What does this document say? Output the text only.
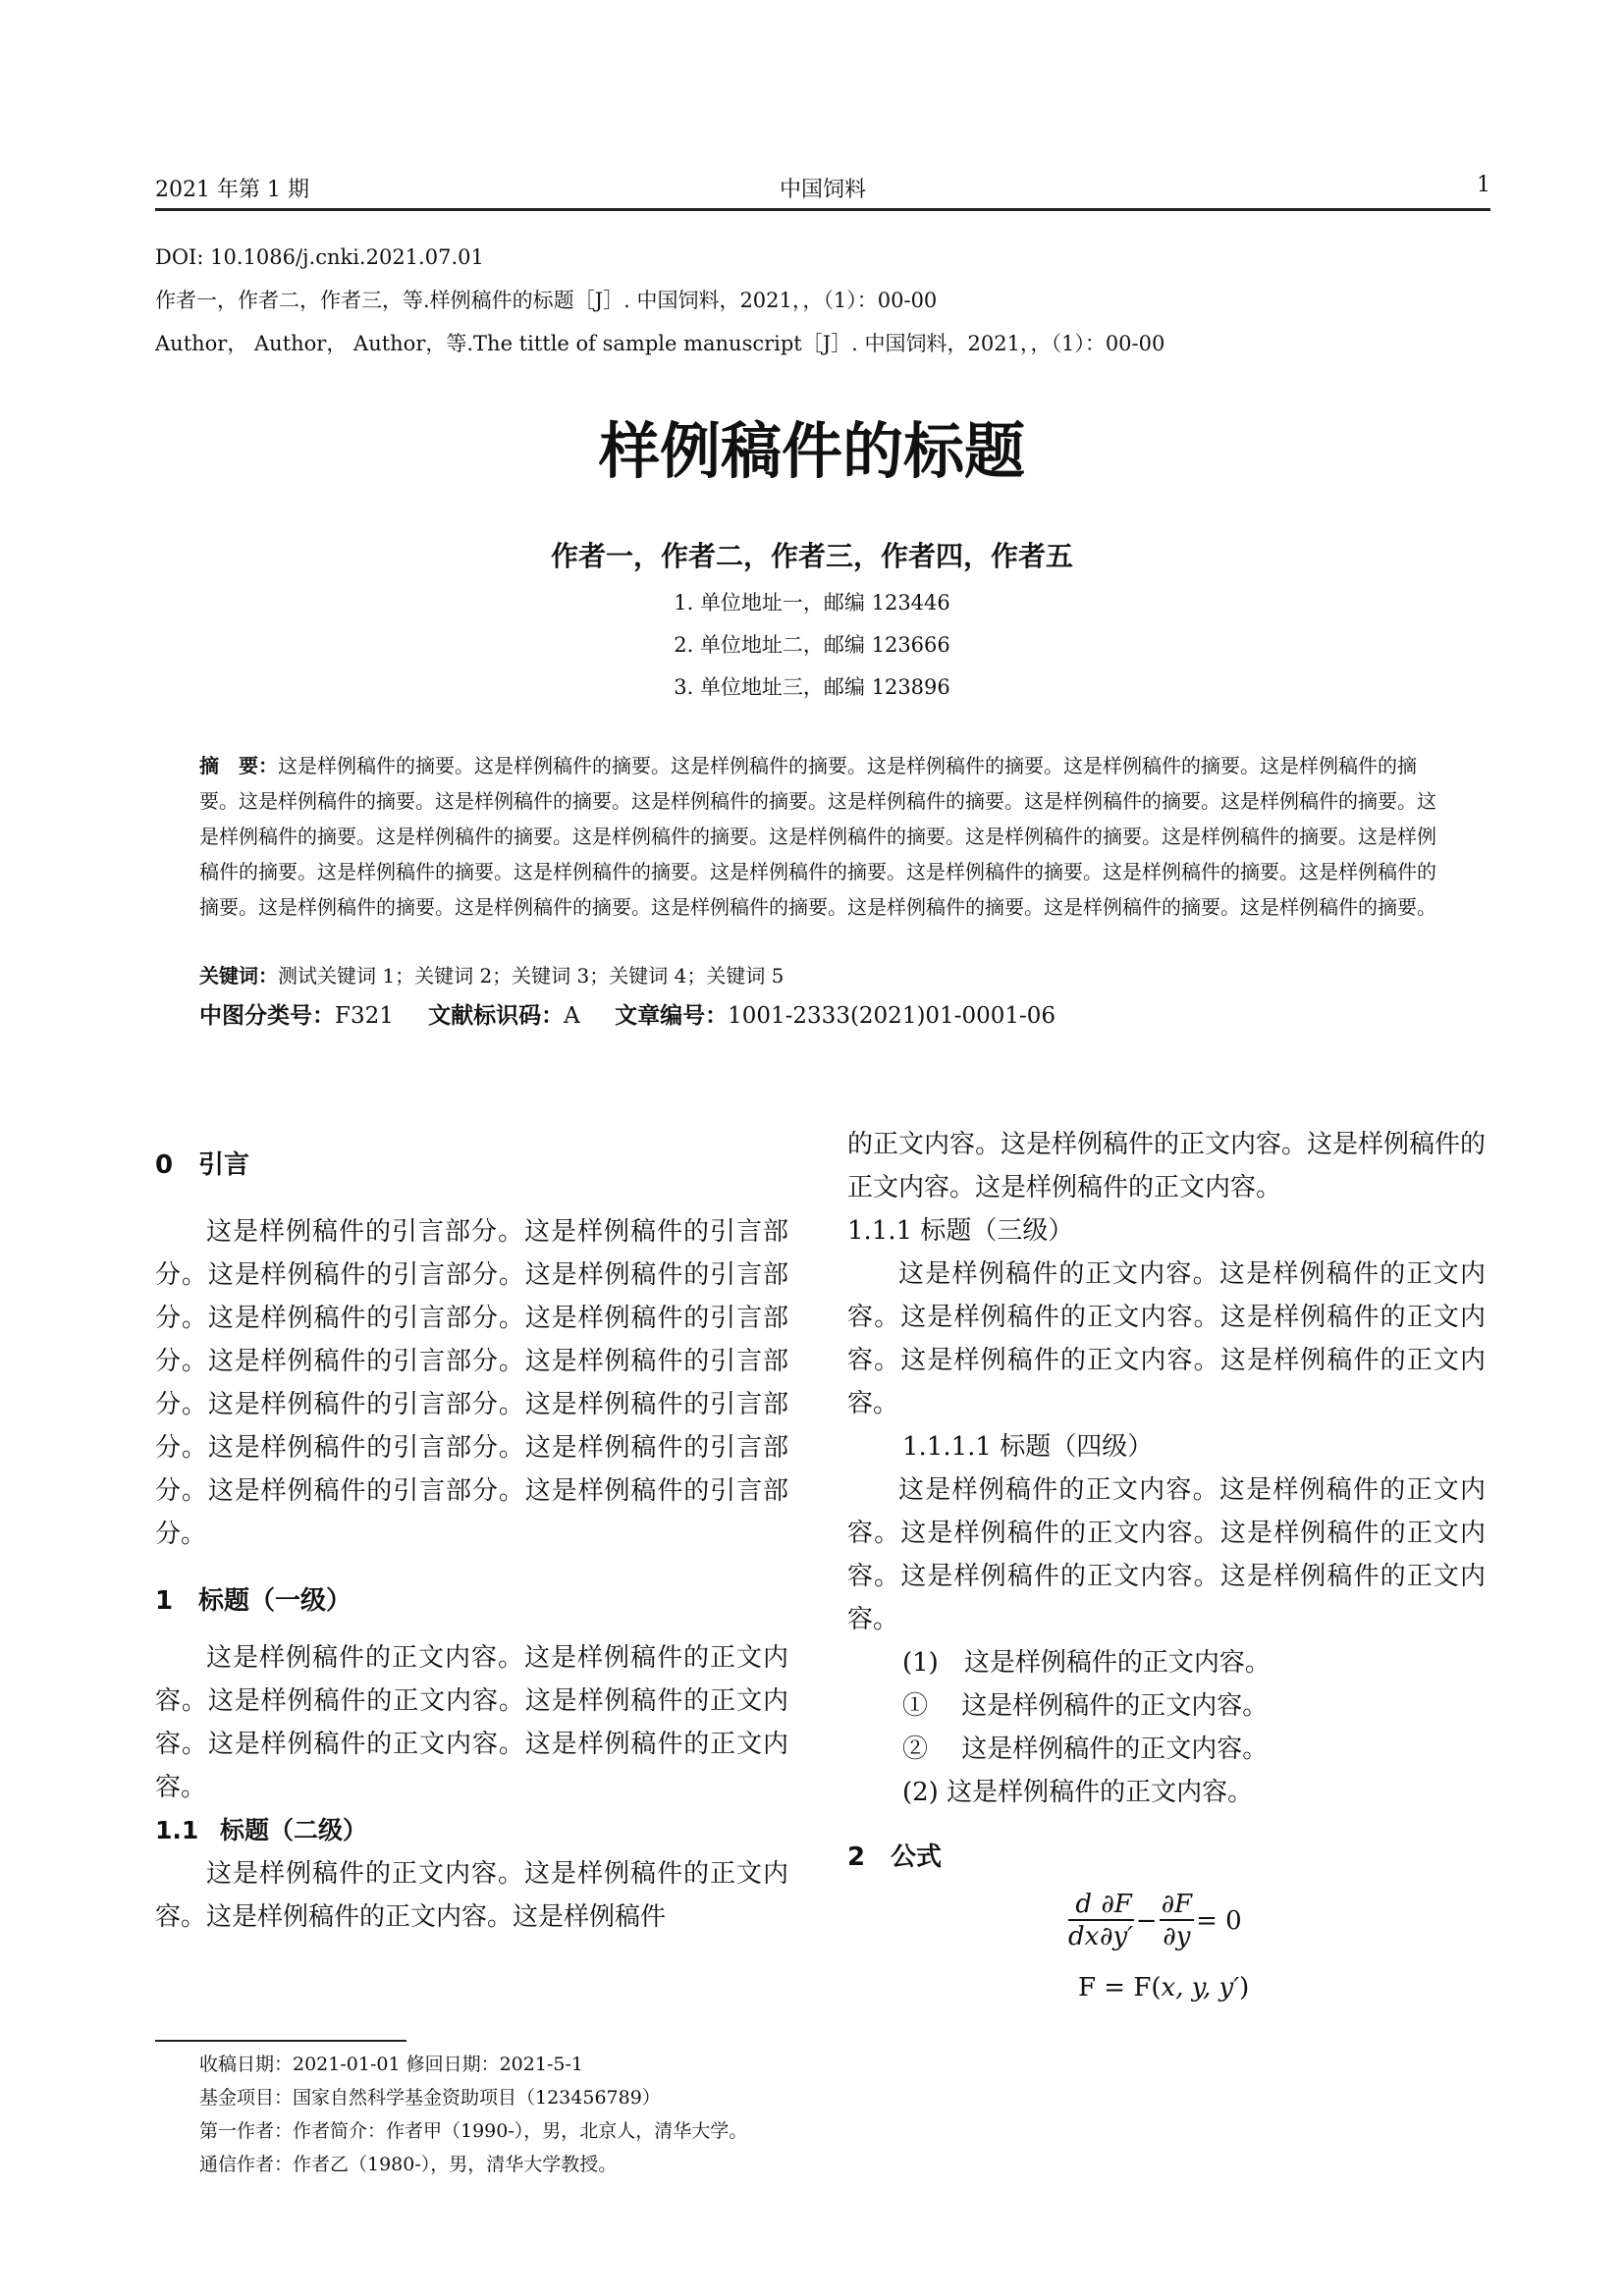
2021 年第 1 期	中国饲料	1
DOI: 10.1086/j.cnki.2021.07.01
作者一，作者二，作者三，等.样例稿件的标题［J］. 中国饲料，2021，，（1）：00-00
Author， Author， Author，等.The tittle of sample manuscript［J］. 中国饲料，2021，，（1）：00-00
样例稿件的标题
作者一，作者二，作者三，作者四，作者五
1. 单位地址一，邮编 123446
2. 单位地址二，邮编 123666
3. 单位地址三，邮编 123896
摘　要：这是样例稿件的摘要。这是样例稿件的摘要。这是样例稿件的摘要。这是样例稿件的摘要。这是样例稿件的摘要。这是样例稿件的摘要。这是样例稿件的摘要。这是样例稿件的摘要。这是样例稿件的摘要。这是样例稿件的摘要。这是样例稿件的摘要。这是样例稿件的摘要。这是样例稿件的摘要。这是样例稿件的摘要。这是样例稿件的摘要。这是样例稿件的摘要。这是样例稿件的摘要。这是样例稿件的摘要。这是样例稿件的摘要。这是样例稿件的摘要。这是样例稿件的摘要。这是样例稿件的摘要。这是样例稿件的摘要。这是样例稿件的摘要。这是样例稿件的摘要。这是样例稿件的摘要。这是样例稿件的摘要。这是样例稿件的摘要。这是样例稿件的摘要。这是样例稿件的摘要。这是样例稿件的摘要。
关键词：测试关键词 1；关键词 2；关键词 3；关键词 4；关键词 5
中图分类号：F321 文献标识码：A 文章编号：1001-2333(2021)01-0001-06
0 引言

这是样例稿件的引言部分。这是样例稿件的引言部分。这是样例稿件的引言部分。这是样例稿件的引言部分。这是样例稿件的引言部分。这是样例稿件的引言部分。这是样例稿件的引言部分。这是样例稿件的引言部分。这是样例稿件的引言部分。这是样例稿件的引言部分。这是样例稿件的引言部分。这是样例稿件的引言部分。这是样例稿件的引言部分。这是样例稿件的引言部分。

1 标题（一级）

这是样例稿件的正文内容。这是样例稿件的正文内容。这是样例稿件的正文内容。这是样例稿件的正文内容。这是样例稿件的正文内容。这是样例稿件的正文内容。

1.1 标题（二级）

这是样例稿件的正文内容。这是样例稿件的正文内容。这是样例稿件的正文内容。这是样例稿件

的正文内容。这是样例稿件的正文内容。这是样例稿件的正文内容。这是样例稿件的正文内容。

1.1.1 标题（三级）

这是样例稿件的正文内容。这是样例稿件的正文内容。这是样例稿件的正文内容。这是样例稿件的正文内容。这是样例稿件的正文内容。这是样例稿件的正文内容。

1.1.1.1 标题（四级）

这是样例稿件的正文内容。这是样例稿件的正文内容。这是样例稿件的正文内容。这是样例稿件的正文内容。这是样例稿件的正文内容。这是样例稿件的正文内容。

(1)　这是样例稿件的正文内容。
①　 这是样例稿件的正文内容。
②　 这是样例稿件的正文内容。
(2) 这是样例稿件的正文内容。
2 公式
$\frac{d}{dx} \frac{\partial F}{\partial y'} - \frac{\partial F}{\partial y} = 0$
F = F(x, y, y′)
收稿日期：2021-01-01 修回日期：2021-5-1
基金项目：国家自然科学基金资助项目（123456789）
第一作者：作者简介：作者甲（1990-），男，北京人，清华大学。
通信作者：作者乙（1980-），男，清华大学教授。
